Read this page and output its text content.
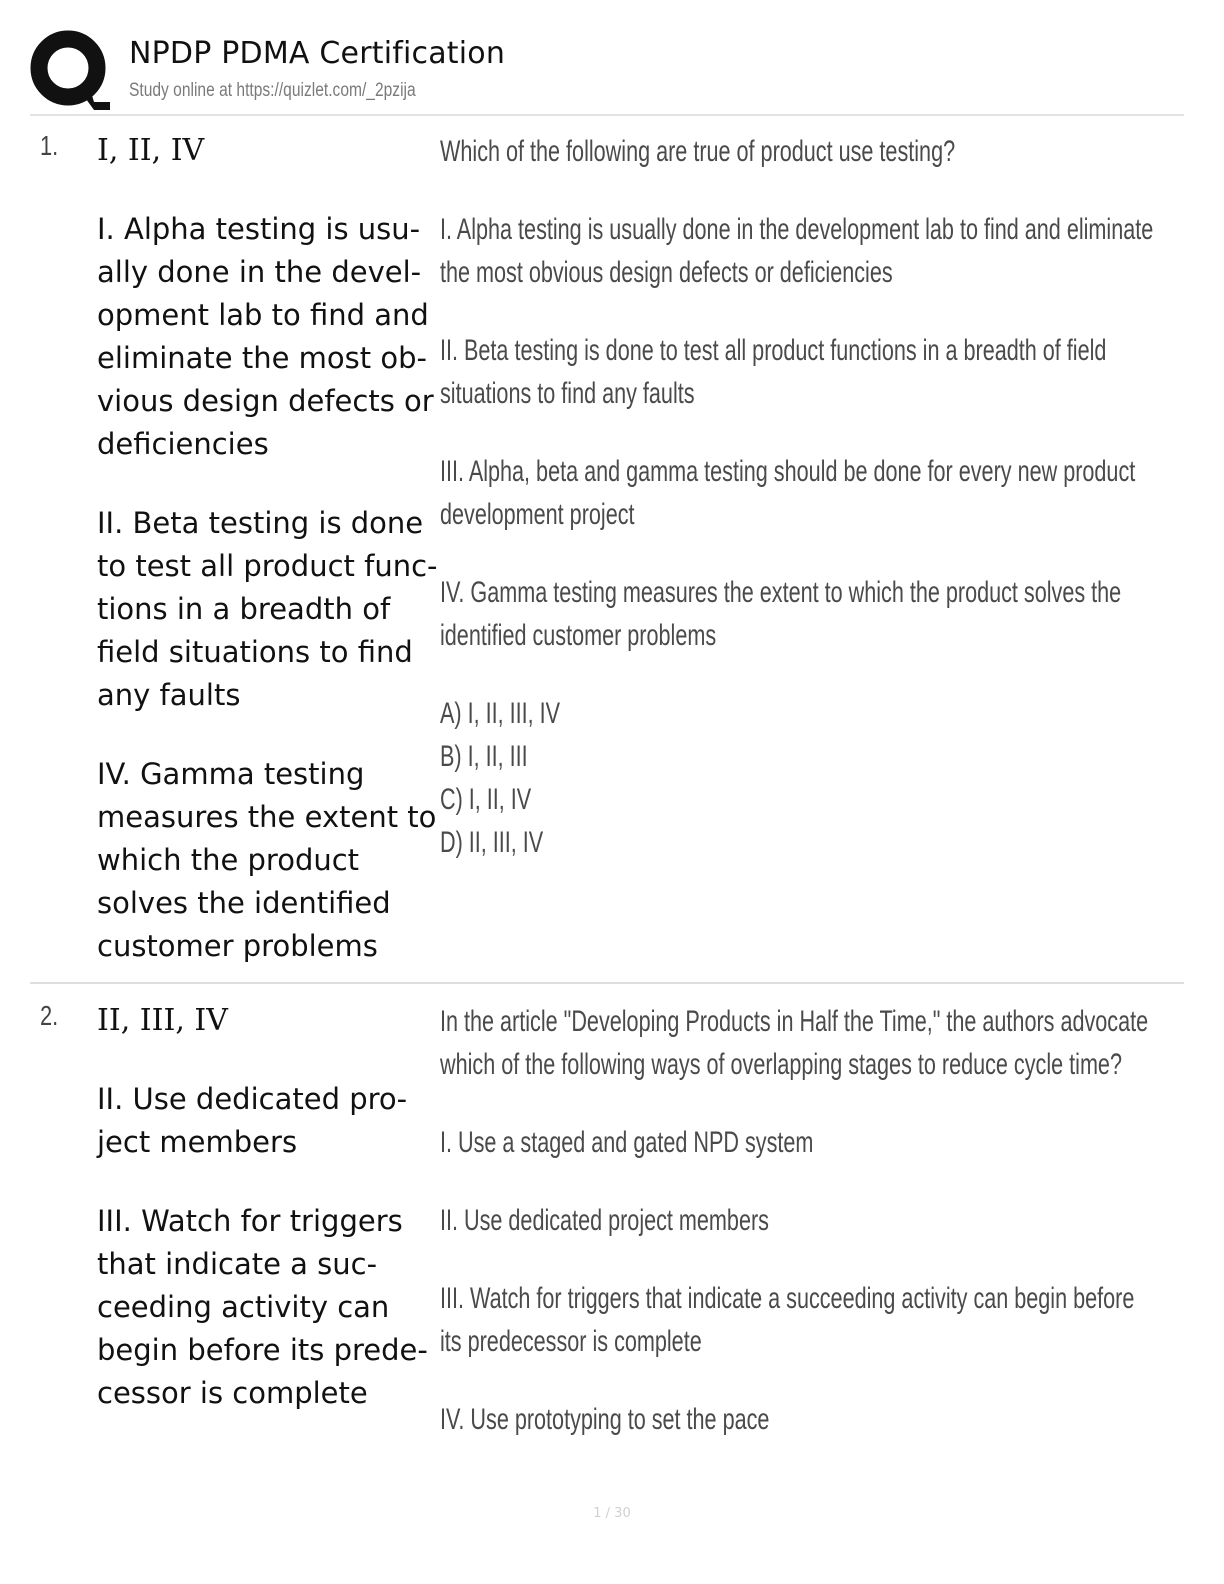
NPDP PDMA Certification
Study online at https://quizlet.com/_2pzija
1. I, II, IV

I. Alpha testing is usually done in the development lab to find and eliminate the most obvious design defects or deficiencies

II. Beta testing is done to test all product functions in a breadth of field situations to find any faults

IV. Gamma testing measures the extent to which the product solves the identified customer problems

Which of the following are true of product use testing?

I. Alpha testing is usually done in the development lab to find and eliminate the most obvious design defects or deficiencies

II. Beta testing is done to test all product functions in a breadth of field situations to find any faults

III. Alpha, beta and gamma testing should be done for every new product development project

IV. Gamma testing measures the extent to which the product solves the identified customer problems

A) I, II, III, IV

B) I, II, III

C) I, II, IV

D) II, III, IV

2. II, III, IV

II. Use dedicated project members

III. Watch for triggers that indicate a succeeding activity can begin before its predecessor is complete

In the article "Developing Products in Half the Time," the authors advocate which of the following ways of overlapping stages to reduce cycle time?

I. Use a staged and gated NPD system

II. Use dedicated project members

III. Watch for triggers that indicate a succeeding activity can begin before its predecessor is complete

IV. Use prototyping to set the pace

1 / 30
